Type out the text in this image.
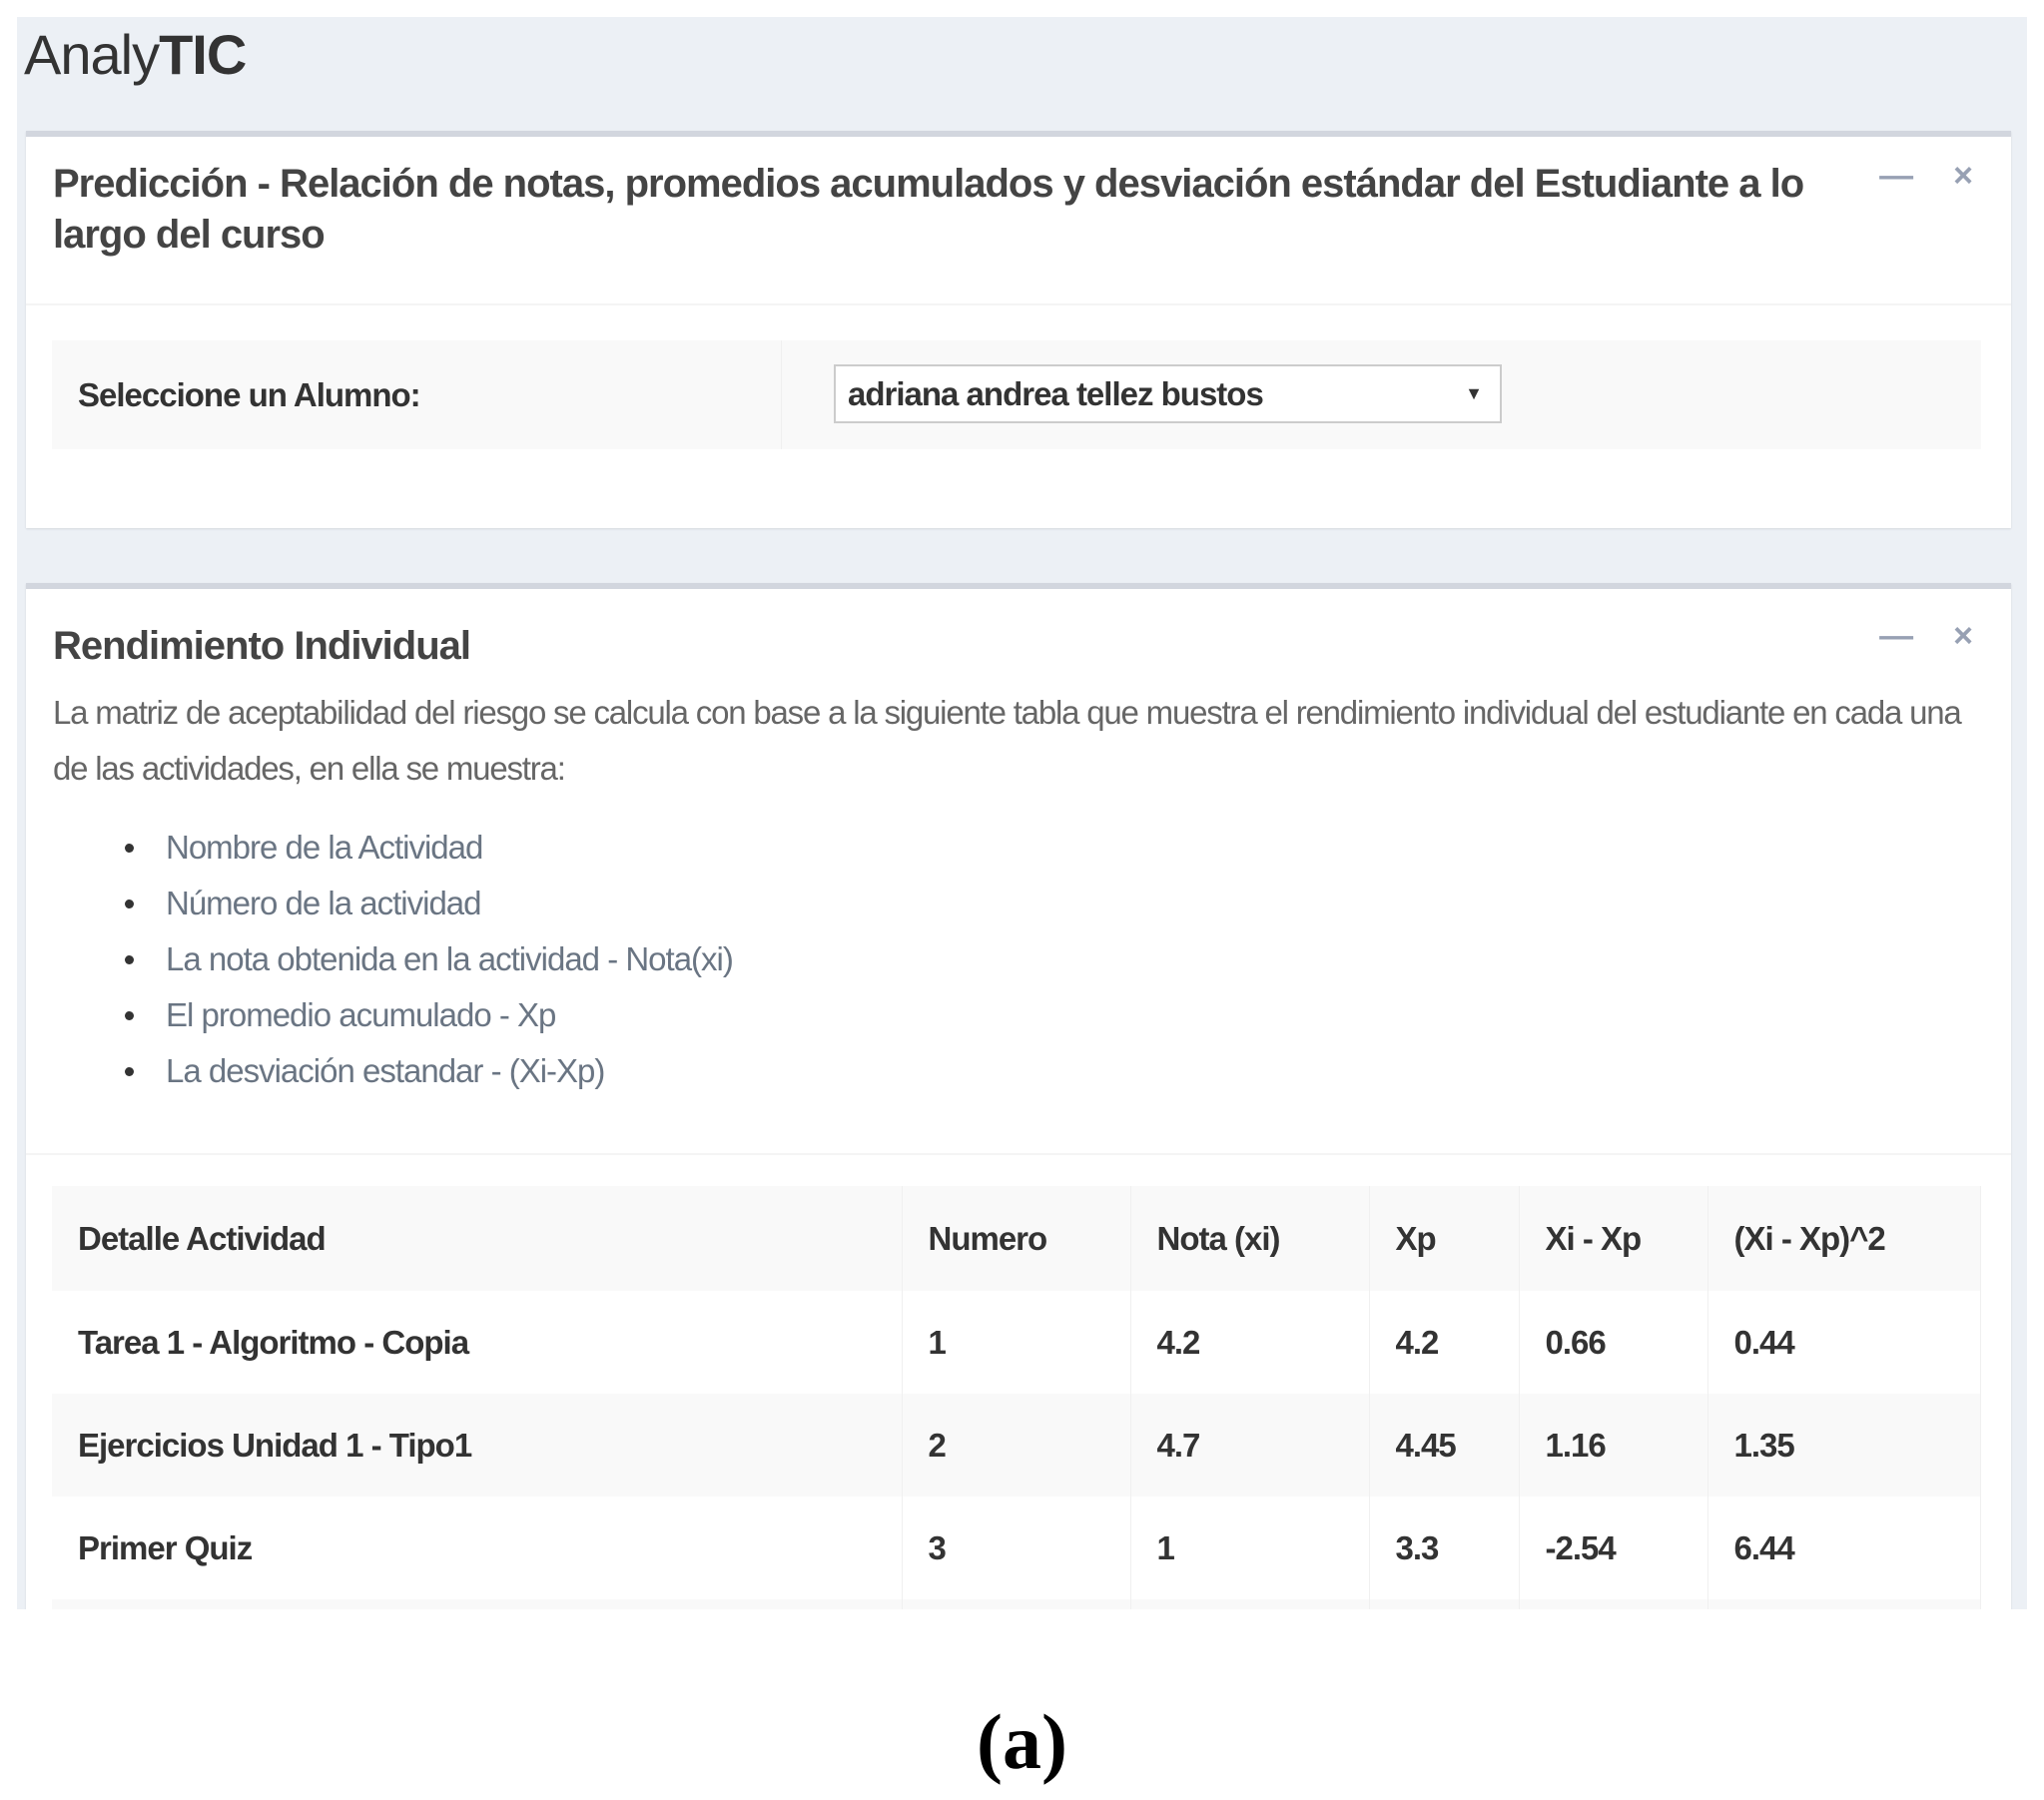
AnalyTIC
Predicción - Relación de notas, promedios acumulados y desviación estándar del Estudiante a lo largo del curso
— ×
Seleccione un Alumno:	adriana andrea tellez bustos	▼
Rendimiento Individual	— ×
La matriz de aceptabilidad del riesgo se calcula con base a la siguiente tabla que muestra el rendimiento individual del estudiante en cada una de las actividades, en ella se muestra:
Nombre de la Actividad
Número de la actividad
La nota obtenida en la actividad - Nota(xi)
El promedio acumulado - Xp
La desviación estandar - (Xi-Xp)
Detalle Actividad	Numero	Nota (xi)	Xp	Xi - Xp	(Xi - Xp)^2
Tarea 1 - Algoritmo - Copia	1	4.2	4.2	0.66	0.44
Ejercicios Unidad 1 - Tipo1	2	4.7	4.45	1.16	1.35
Primer Quiz	3	1	3.3	-2.54	6.44

(a)
